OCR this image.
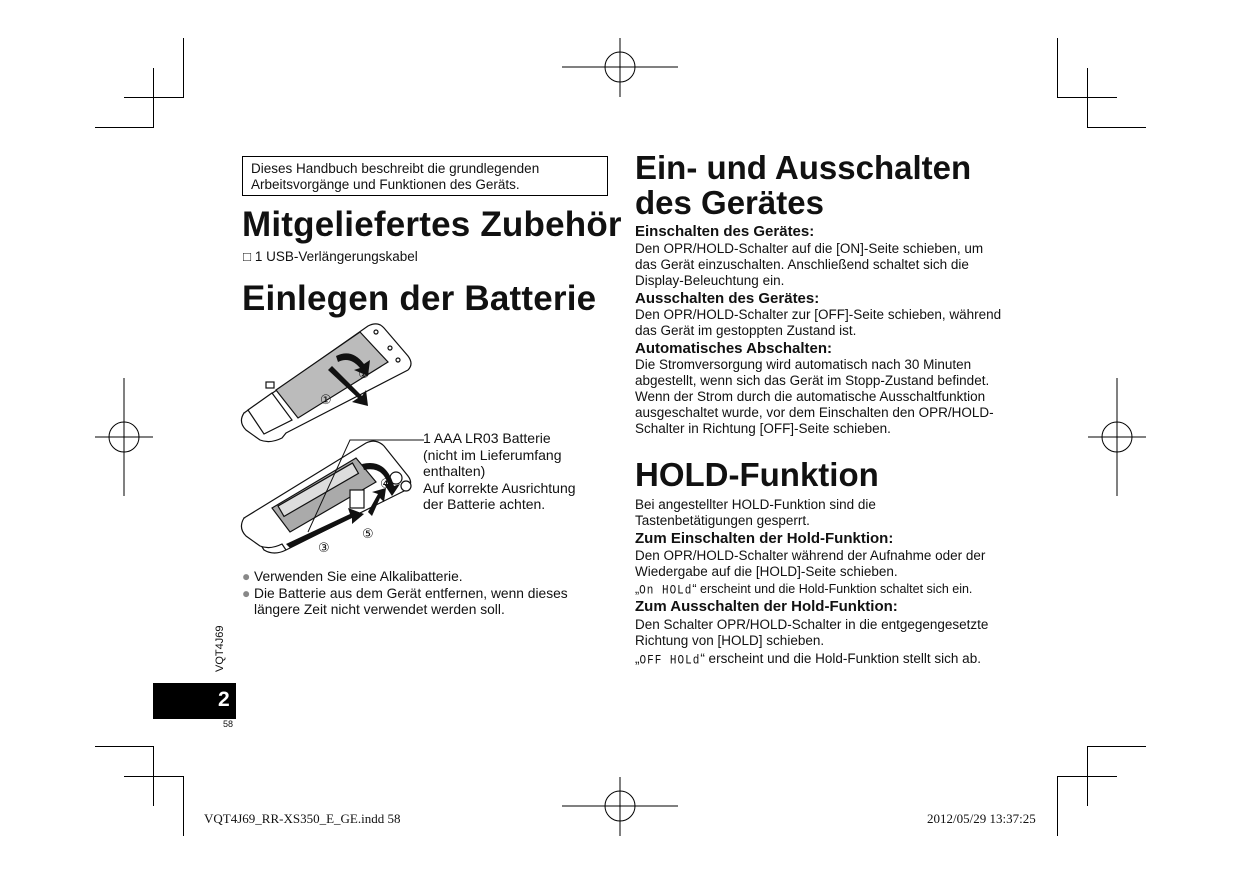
Dieses Handbuch beschreibt die grundlegenden Arbeitsvorgänge und Funktionen des Geräts.
Mitgeliefertes Zubehör
□ 1 USB-Verlängerungskabel
Einlegen der Batterie
①
②
③
④
⑤
1 AAA LR03 Batterie
(nicht im Lieferumfang
enthalten)
Auf korrekte Ausrichtung
der Batterie achten.
● Verwenden Sie eine Alkalibatterie.
● Die Batterie aus dem Gerät entfernen, wenn dieses längere Zeit nicht verwendet werden soll.
VQT4J69
2
58
Ein- und Ausschalten
des Gerätes
Einschalten des Gerätes:
Den OPR/HOLD-Schalter auf die [ON]-Seite schieben, um das Gerät einzuschalten. Anschließend schaltet sich die Display-Beleuchtung ein.
Ausschalten des Gerätes:
Den OPR/HOLD-Schalter zur [OFF]-Seite schieben, während das Gerät im gestoppten Zustand ist.
Automatisches Abschalten:
Die Stromversorgung wird automatisch nach 30 Minuten abgestellt, wenn sich das Gerät im Stopp-Zustand befindet. Wenn der Strom durch die automatische Ausschaltfunktion ausgeschaltet wurde, vor dem Einschalten den OPR/HOLD-Schalter in Richtung [OFF]-Seite schieben.
HOLD-Funktion
Bei angestellter HOLD-Funktion sind die Tastenbetätigungen gesperrt.
Zum Einschalten der Hold-Funktion:
Den OPR/HOLD-Schalter während der Aufnahme oder der Wiedergabe auf die [HOLD]-Seite schieben.
„On HOLd“ erscheint und die Hold-Funktion schaltet sich ein.
Zum Ausschalten der Hold-Funktion:
Den Schalter OPR/HOLD-Schalter in die entgegengesetzte Richtung von [HOLD] schieben.
„OFF HOLd“ erscheint und die Hold-Funktion stellt sich ab.
VQT4J69_RR-XS350_E_GE.indd 58	2012/05/29 13:37:25
